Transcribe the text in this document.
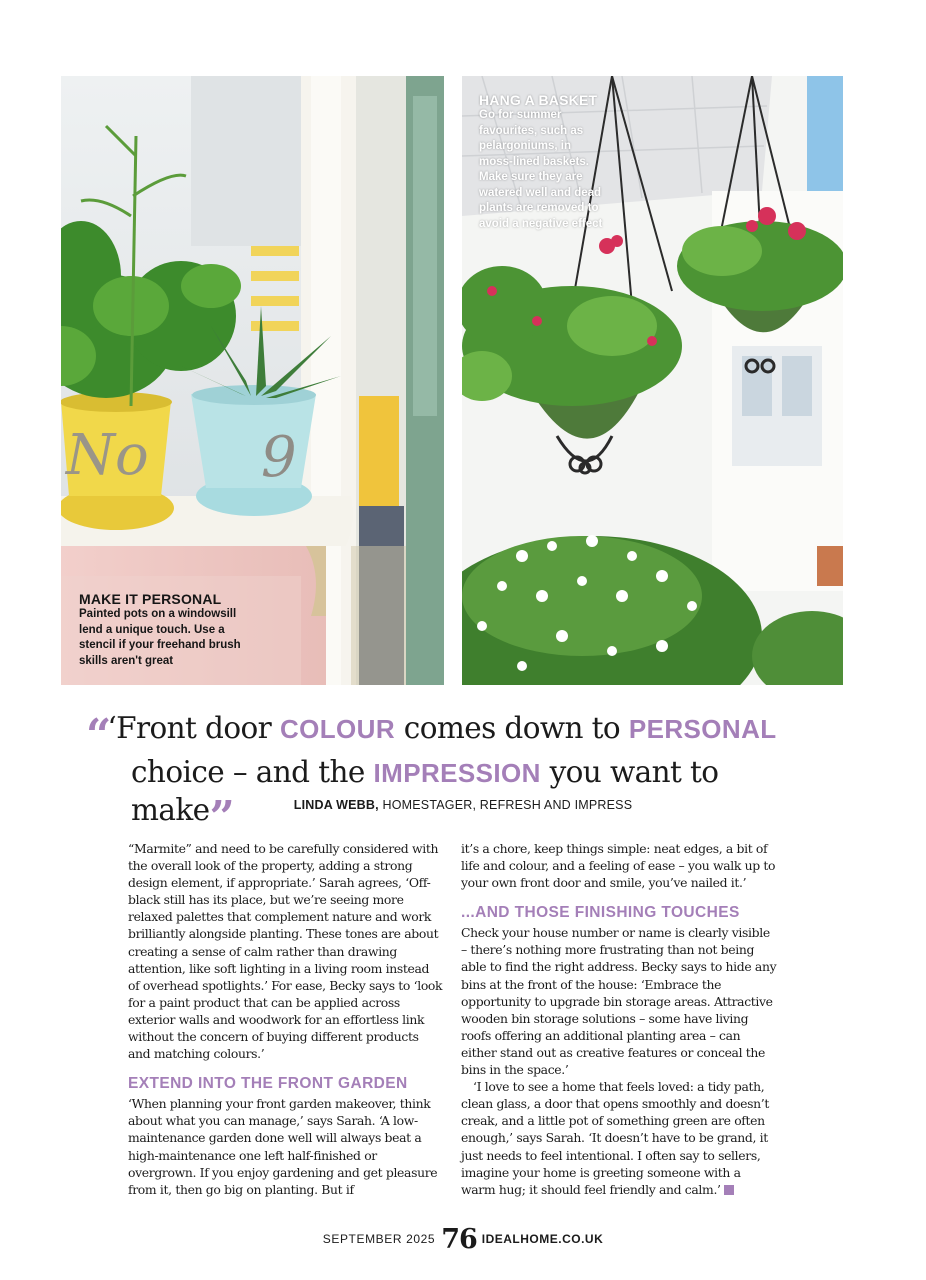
No 9
MAKE IT PERSONAL
Painted pots on a windowsill
lend a unique touch. Use a
stencil if your freehand brush
skills aren't great
HANG A BASKET
Go for summer
favourites, such as
pelargoniums, in
moss-lined baskets.
Make sure they are
watered well and dead
plants are removed to
avoid a negative effect
“‘Front door COLOUR comes down to PERSONAL
choice – and the IMPRESSION you want to make”	LINDA WEBB, HOMESTAGER, REFRESH AND IMPRESS

“Marmite” and need to be carefully considered with the overall look of the property, adding a strong design element, if appropriate.’ Sarah agrees, ‘Off-black still has its place, but we’re seeing more relaxed palettes that complement nature and work brilliantly alongside planting. These tones are about creating a sense of calm rather than drawing attention, like soft lighting in a living room instead of overhead spotlights.’ For ease, Becky says to ‘look for a paint product that can be applied across exterior walls and woodwork for an effortless link without the concern of buying different products and matching colours.’

EXTEND INTO THE FRONT GARDEN

‘When planning your front garden makeover, think about what you can manage,’ says Sarah. ‘A low-maintenance garden done well will always beat a high-maintenance one left half-finished or overgrown. If you enjoy gardening and get pleasure from it, then go big on planting. But if

it’s a chore, keep things simple: neat edges, a bit of life and colour, and a feeling of ease – you walk up to your own front door and smile, you’ve nailed it.’

...AND THOSE FINISHING TOUCHES

Check your house number or name is clearly visible – there’s nothing more frustrating than not being able to find the right address. Becky says to hide any bins at the front of the house: ‘Embrace the opportunity to upgrade bin storage areas. Attractive wooden bin storage solutions – some have living roofs offering an additional planting area – can either stand out as creative features or conceal the bins in the space.’

‘I love to see a home that feels loved: a tidy path, clean glass, a door that opens smoothly and doesn’t creak, and a little pot of something green are often enough,’ says Sarah. ‘It doesn’t have to be grand, it just needs to feel intentional. I often say to sellers, imagine your home is greeting someone with a warm hug; it should feel friendly and calm.’

SEPTEMBER 2025 76 IDEALHOME.CO.UK
